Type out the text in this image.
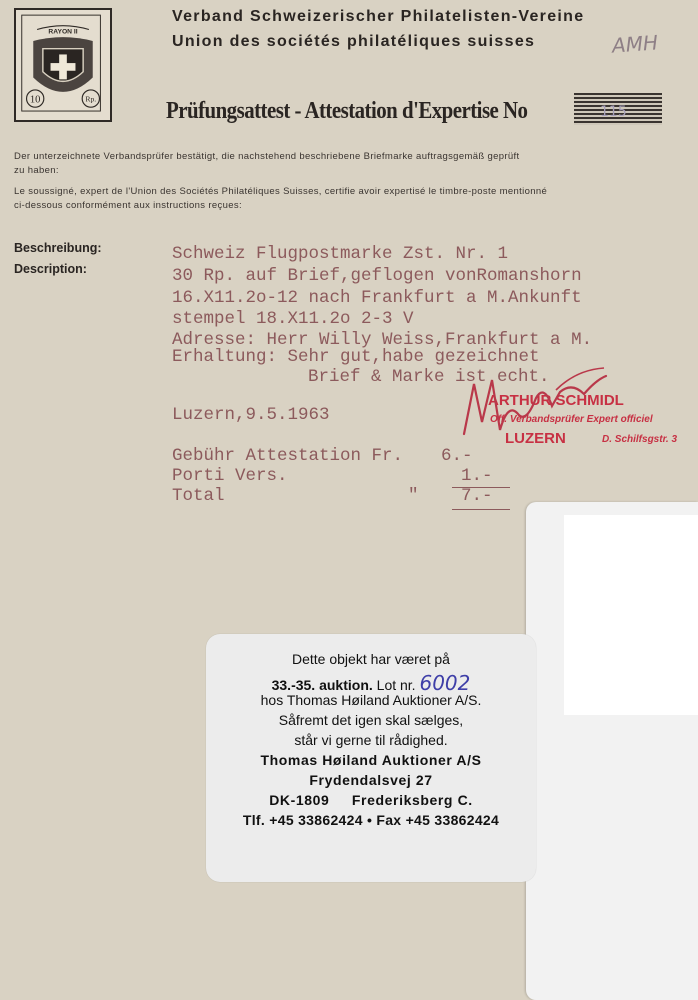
RAYON II
10	Rp.
Verband Schweizerischer Philatelisten-Vereine
Union des sociétés philatéliques suisses	AMH
Prüfungsattest - Attestation d'Expertise No	115
Der unterzeichnete Verbandsprüfer bestätigt, die nachstehend beschriebene Briefmarke auftragsgemäß geprüft
zu haben:
Le soussigné, expert de l'Union des Sociétés Philatéliques Suisses, certifie avoir expertisé le timbre-poste mentionné
ci-dessous conformément aux instructions reçues:
Beschreibung:
Description:
Schweiz Flugpostmarke Zst. Nr. 1
30 Rp. auf Brief,geflogen vonRomanshorn
16.X11.2o-12 nach Frankfurt a M.Ankunft
stempel 18.X11.2o 2-3 V
Adresse: Herr Willy Weiss,Frankfurt a M.
Erhaltung: Sehr gut,habe gezeichnet
Brief & Marke ist echt.
Luzern,9.5.1963
Gebühr Attestation Fr. 6.-
Porti Vers.	1.-
Total	" 7.-
ARTHUR SCHMIDL
Off. Verbandsprüfer Expert officiel
LUZERN	D. Schilfsgstr. 3
Dette objekt har været på
33.-35. auktion. Lot nr. 6002
hos Thomas Høiland Auktioner A/S.
Såfremt det igen skal sælges,
står vi gerne til rådighed.
Thomas Høiland Auktioner A/S
Frydendalsvej 27
DK-1809 Frederiksberg C.
Tlf. +45 33862424 • Fax +45 33862424
